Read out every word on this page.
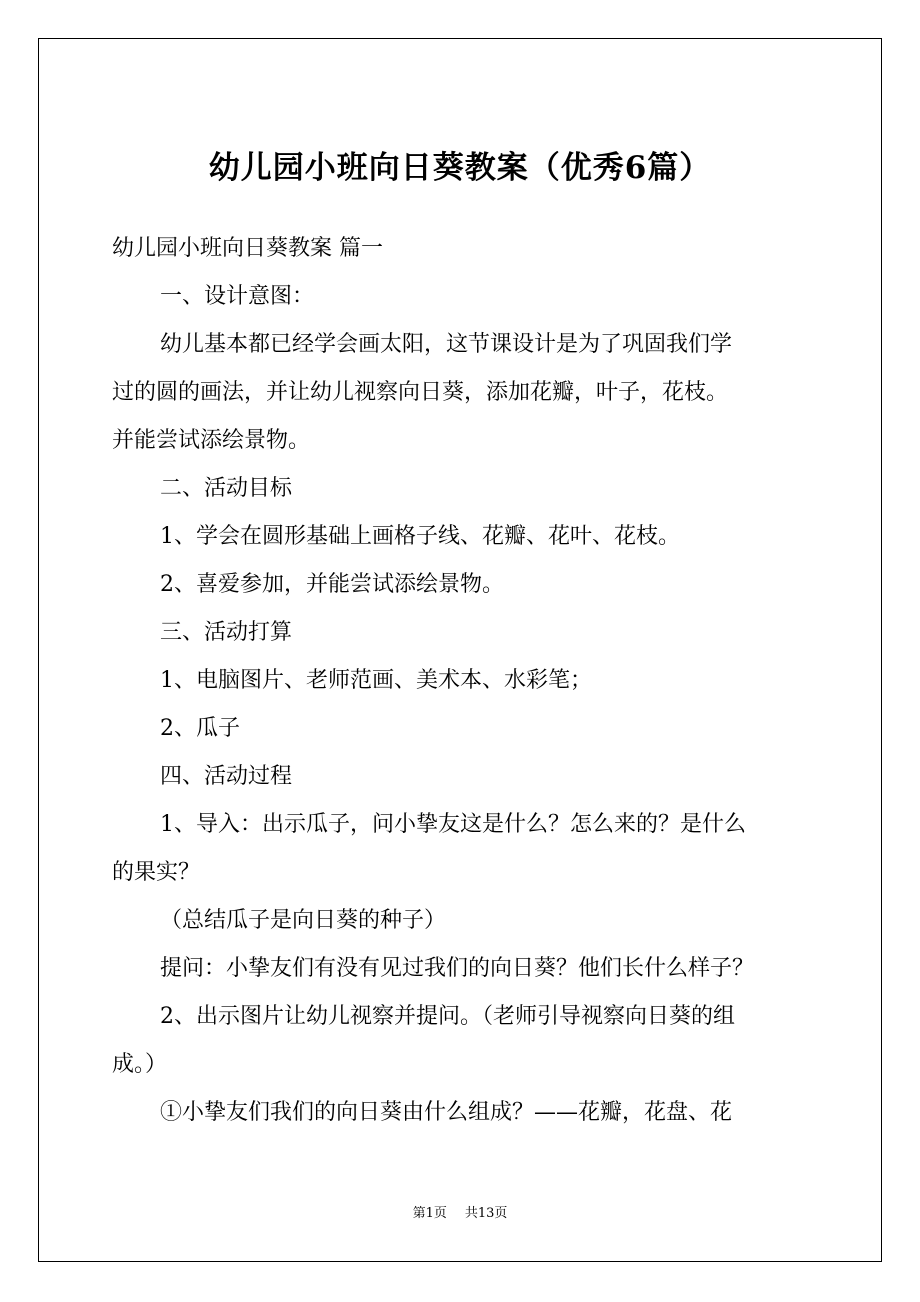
幼儿园小班向日葵教案（优秀6篇）

幼儿园小班向日葵教案 篇一

一、设计意图：

幼儿基本都已经学会画太阳，这节课设计是为了巩固我们学

过的圆的画法，并让幼儿视察向日葵，添加花瓣，叶子，花枝。

并能尝试添绘景物。

二、活动目标

1、学会在圆形基础上画格子线、花瓣、花叶、花枝。

2、喜爱参加，并能尝试添绘景物。

三、活动打算

1、电脑图片、老师范画、美术本、水彩笔；

2、瓜子

四、活动过程

1、导入：出示瓜子，问小挚友这是什么？怎么来的？是什么

的果实？

（总结瓜子是向日葵的种子）

提问：小挚友们有没有见过我们的向日葵？他们长什么样子？

2、出示图片让幼儿视察并提问。（老师引导视察向日葵的组

成。）

①小挚友们我们的向日葵由什么组成？——花瓣，花盘、花

第1页 共13页
